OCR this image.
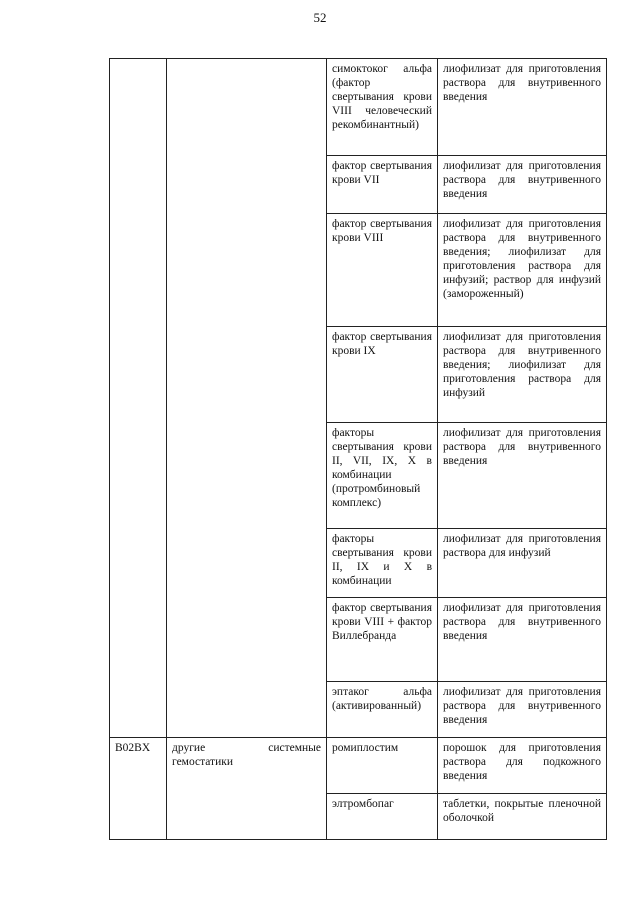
52
		симоктоког альфа (фактор свертывания крови VIII человеческий рекомбинантный)	лиофилизат для приготовления раствора для внутривенного введения
		фактор свертывания крови VII	лиофилизат для приготовления раствора для внутривенного введения
		фактор свертывания крови VIII	лиофилизат для приготовления раствора для внутривенного введения; лиофилизат для приготовления раствора для инфузий; раствор для инфузий (замороженный)
		фактор свертывания крови IX	лиофилизат для приготовления раствора для внутривенного введения; лиофилизат для приготовления раствора для инфузий
		факторы свертывания крови II, VII, IX, X в комбинации (протромбиновый комплекс)	лиофилизат для приготовления раствора для внутривенного введения
		факторы свертывания крови II, IX и X в комбинации	лиофилизат для приготовления раствора для инфузий
		фактор свертывания крови VIII + фактор Виллебранда	лиофилизат для приготовления раствора для внутривенного введения
		эптаког альфа (активированный)	лиофилизат для приготовления раствора для внутривенного введения
B02BX	другие системные гемостатики	ромиплостим	порошок для приготовления раствора для подкожного введения
		элтромбопаг	таблетки, покрытые пленочной оболочкой
